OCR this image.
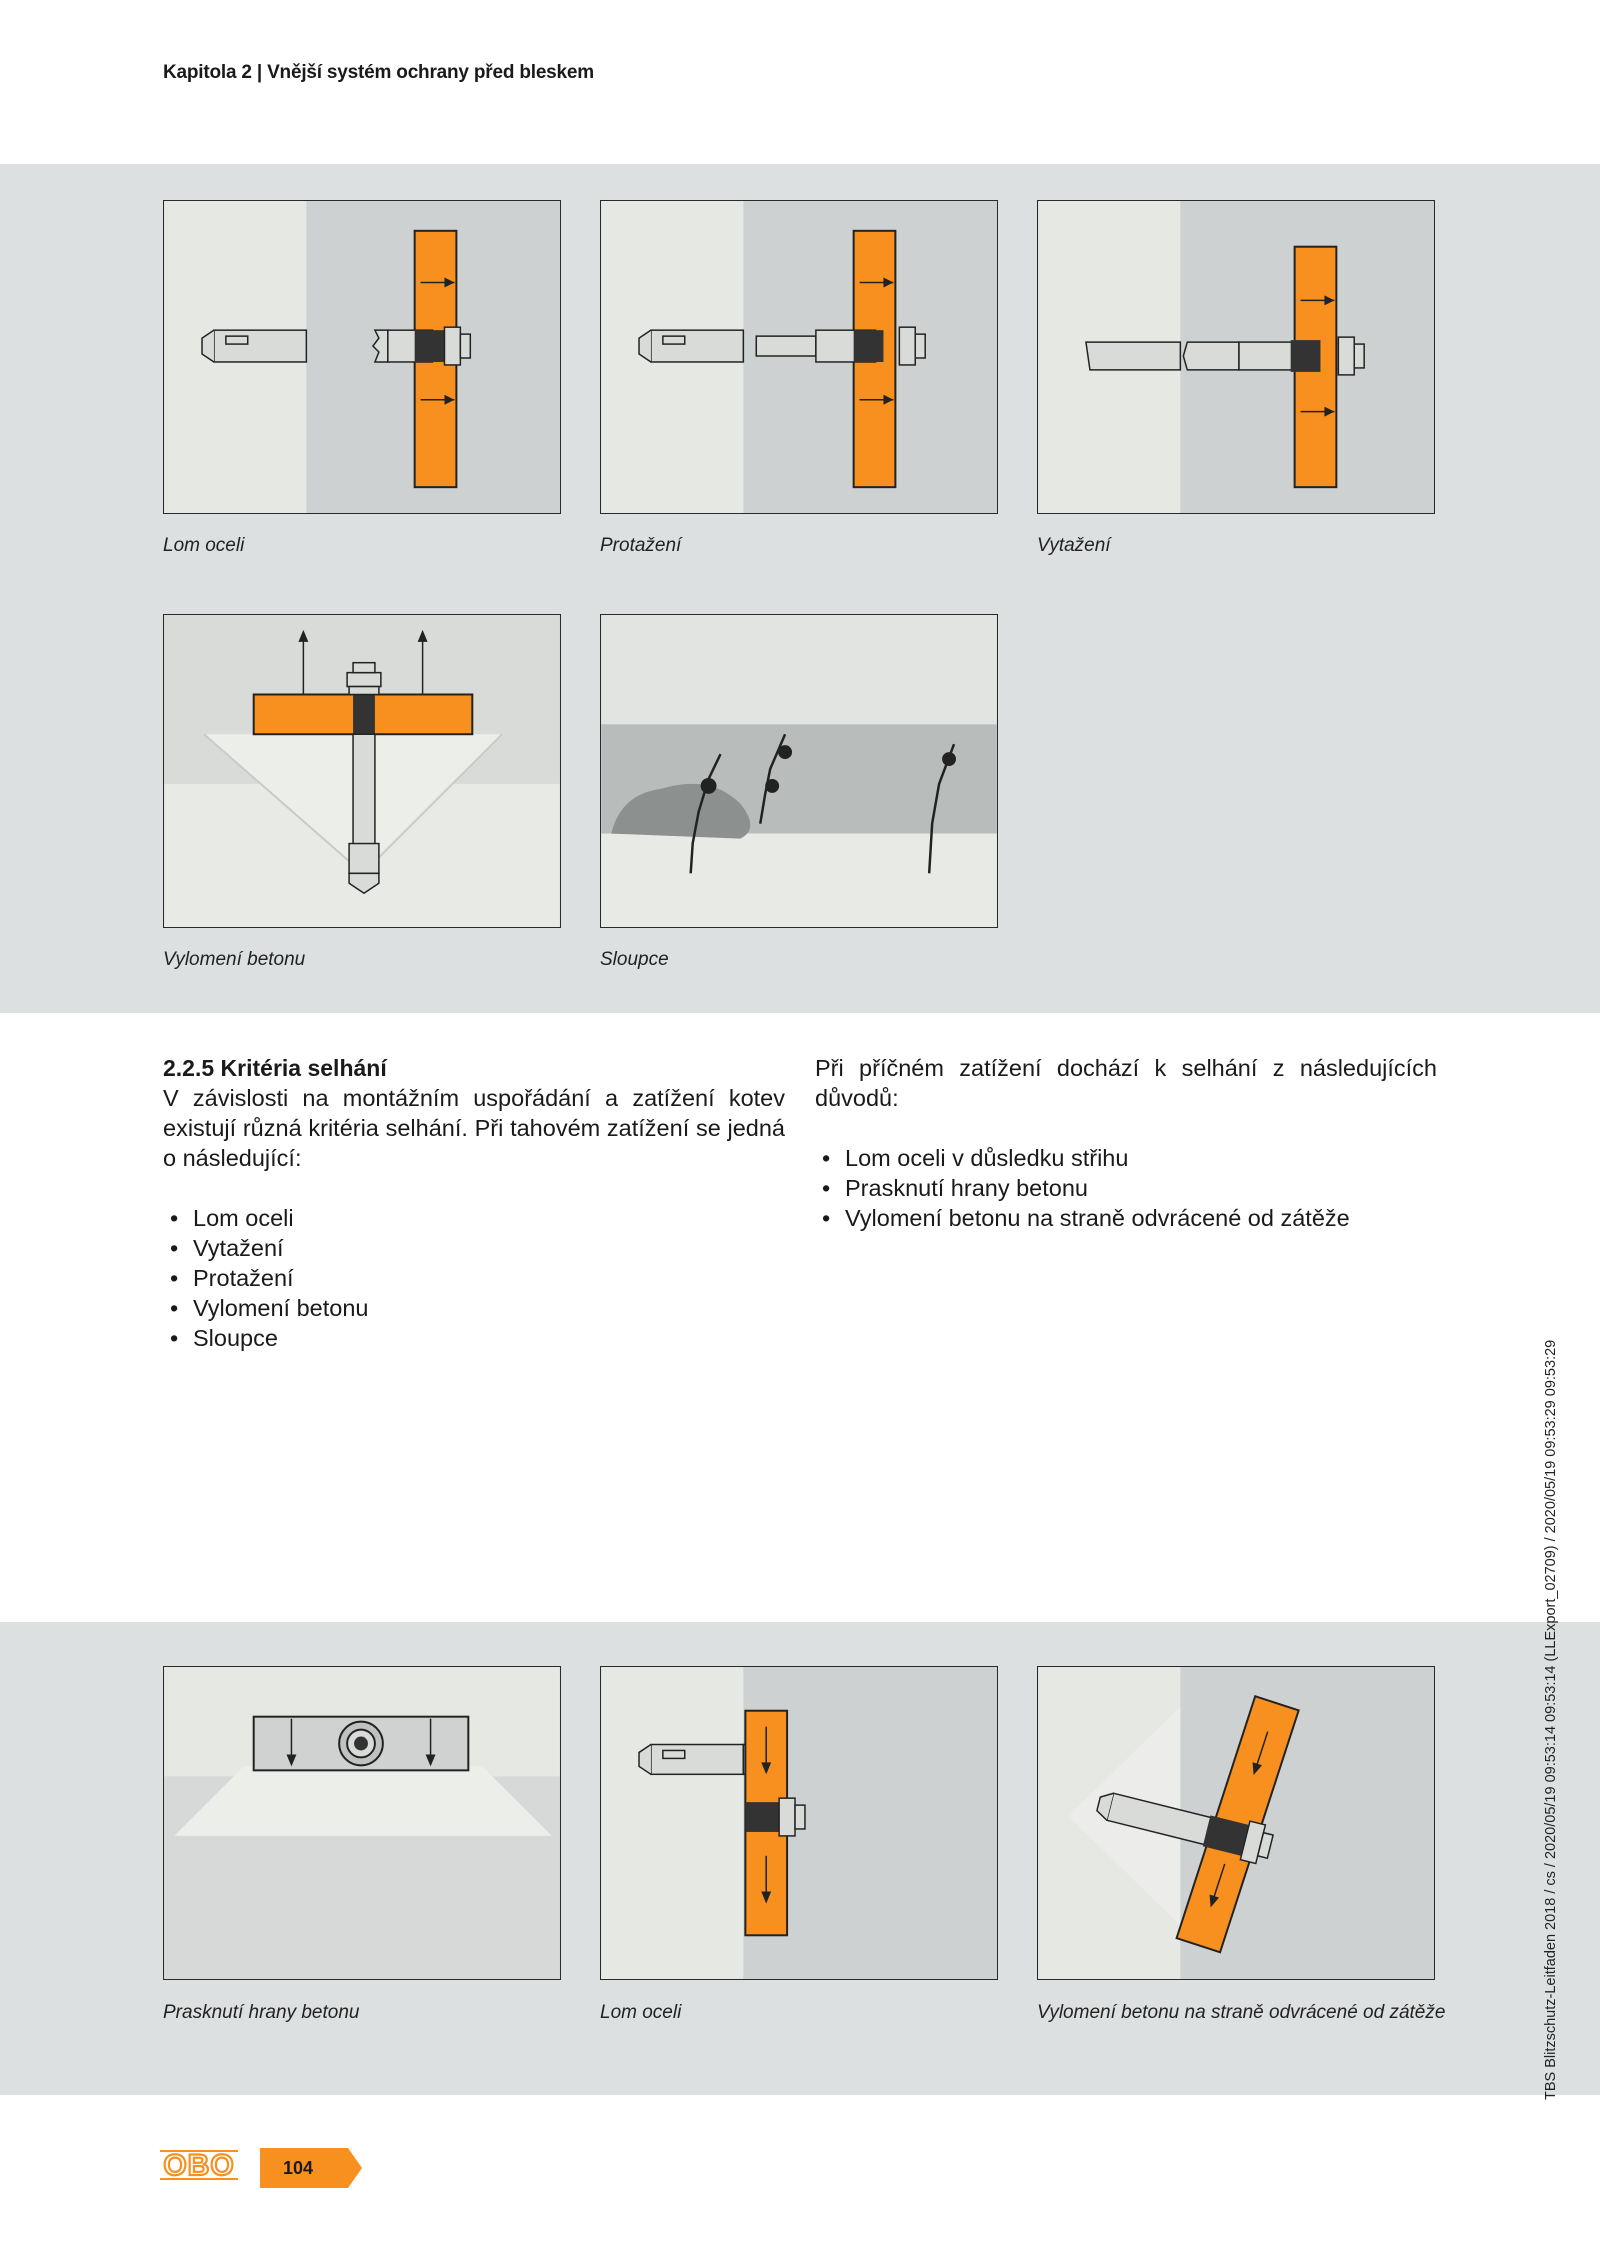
Kapitola 2 | Vnější systém ochrany před bleskem
Lom oceli	Protažení	Vytažení
Vylomení betonu	Sloupce
2.2.5 Kritéria selhání
V závislosti na montážním uspořádání a zatížení kotev existují různá kritéria selhání. Při tahovém zatížení se jedná o následující:
• Lom oceli
• Vytažení
• Protažení
• Vylomení betonu
• Sloupce
Při příčném zatížení dochází k selhání z následujících důvodů:
• Lom oceli v důsledku střihu
• Prasknutí hrany betonu
• Vylomení betonu na straně odvrácené od zátěže
Prasknutí hrany betonu	Lom oceli	Vylomení betonu na straně odvrácené od zátěže	TBS Blitzschutz-Leitfaden 2018 / cs / 2020/05/19 09:53:14 09:53:14 (LLExport_02709) / 2020/05/19 09:53:29 09:53:29
OBO	104
